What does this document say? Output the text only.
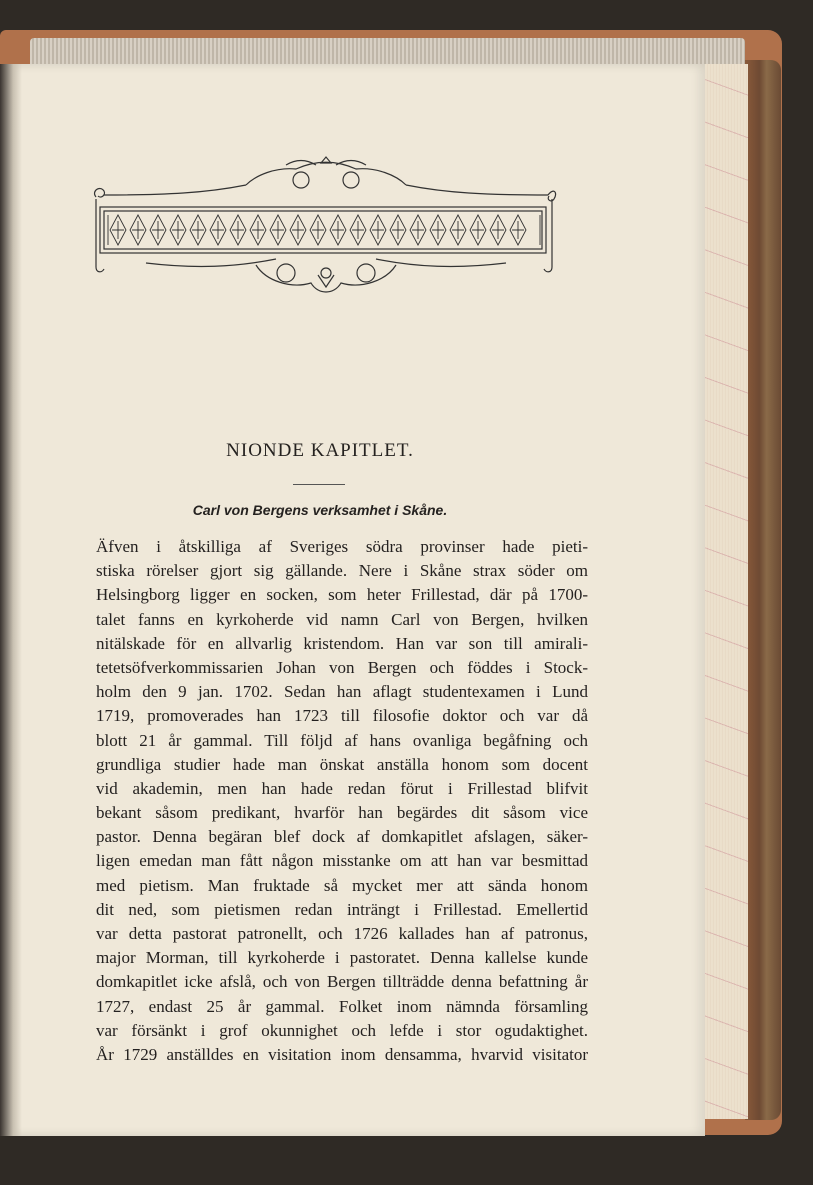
NIONDE KAPITLET.
Carl von Bergens verksamhet i Skåne.
Äfven i åtskilliga af Sveriges södra provinser hade pieti-
stiska rörelser gjort sig gällande. Nere i Skåne strax söder om
Helsingborg ligger en socken, som heter Frillestad, där på 1700-
talet fanns en kyrkoherde vid namn Carl von Bergen, hvilken
nitälskade för en allvarlig kristendom. Han var son till amirali-
tetetsöfverkommissarien Johan von Bergen och föddes i Stock-
holm den 9 jan. 1702. Sedan han aflagt studentexamen i Lund
1719, promoverades han 1723 till filosofie doktor och var då
blott 21 år gammal. Till följd af hans ovanliga begåfning och
grundliga studier hade man önskat anställa honom som docent
vid akademin, men han hade redan förut i Frillestad blifvit
bekant såsom predikant, hvarför han begärdes dit såsom vice
pastor. Denna begäran blef dock af domkapitlet afslagen, säker-
ligen emedan man fått någon misstanke om att han var besmittad
med pietism. Man fruktade så mycket mer att sända honom
dit ned, som pietismen redan inträngt i Frillestad. Emellertid
var detta pastorat patronellt, och 1726 kallades han af patronus,
major Morman, till kyrkoherde i pastoratet. Denna kallelse kunde
domkapitlet icke afslå, och von Bergen tillträdde denna befattning år
1727, endast 25 år gammal. Folket inom nämnda församling
var försänkt i grof okunnighet och lefde i stor ogudaktighet.
År 1729 anställdes en visitation inom densamma, hvarvid visitator
